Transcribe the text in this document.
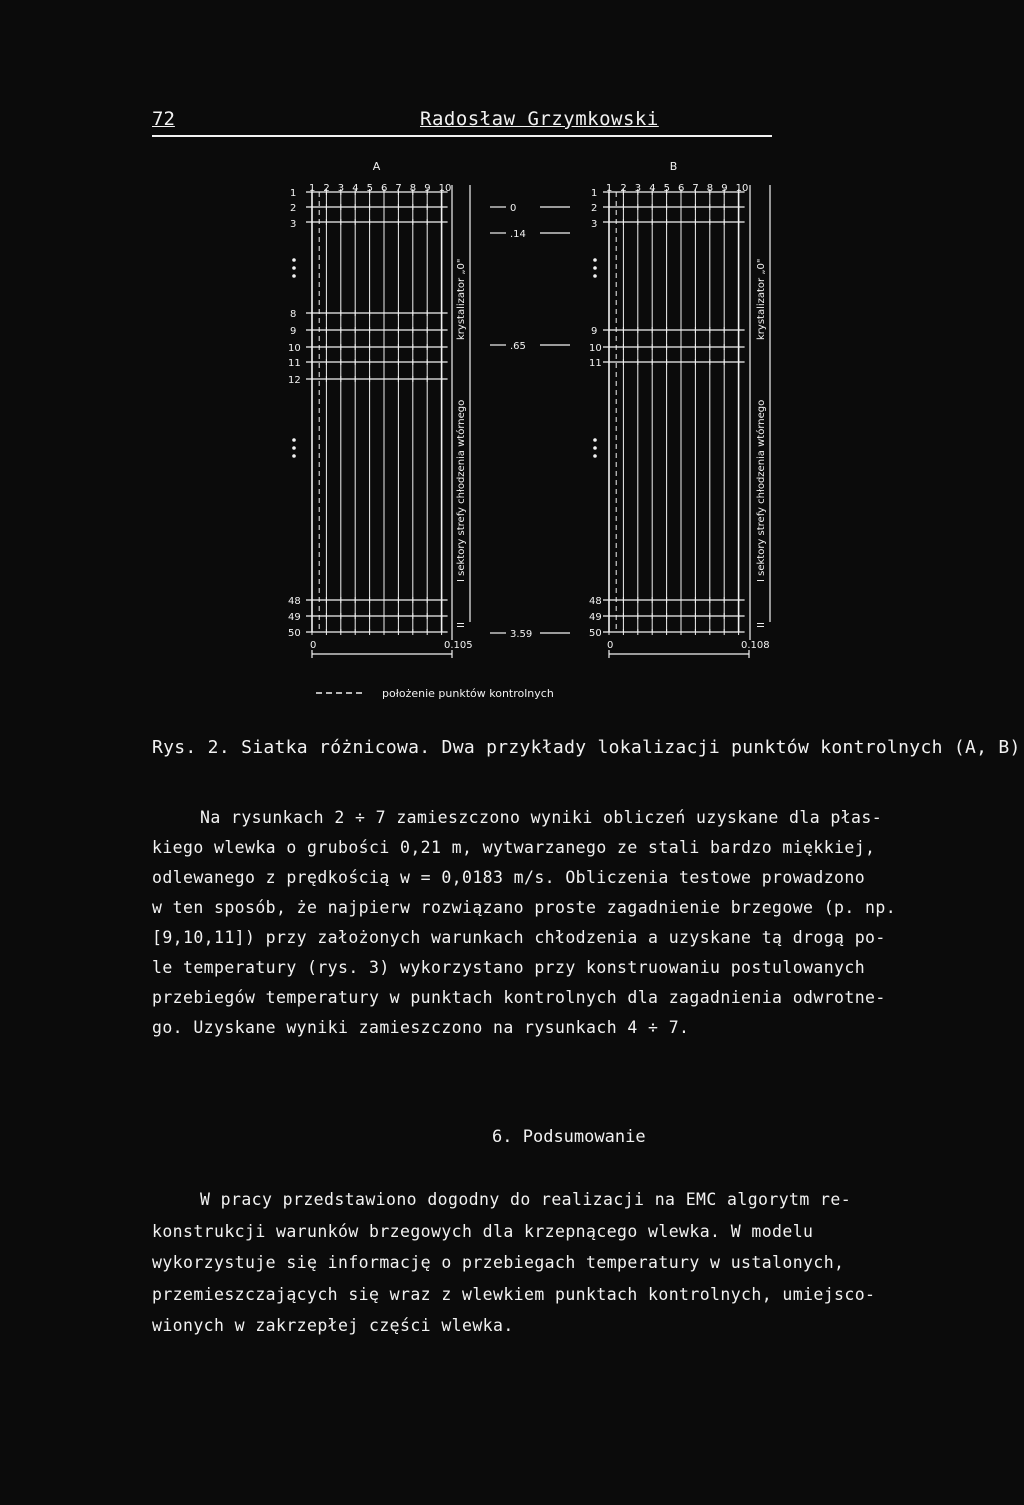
72	Radosław Grzymkowski
A
1 2 3 4 5 6 7 8 9 10
1
2
3
8
9
10
11
12
48
49
50
krystalizator „0"
I sektory strefy chłodzenia wtórnego
II
0	0.105
B
1 2 3 4 5 6 7 8 9 10
1
2
3
9
10
11
48
49
50
krystalizator „0"
I sektory strefy chłodzenia wtórnego
II
0	0.108
0
.14
.65
3.59
położenie punktów kontrolnych
Rys. 2. Siatka różnicowa. Dwa przykłady lokalizacji punktów kontrolnych (A, B)
Na rysunkach 2 ÷ 7 zamieszczono wyniki obliczeń uzyskane dla płas-
kiego wlewka o grubości 0,21 m, wytwarzanego ze stali bardzo miękkiej,
odlewanego z prędkością w = 0,0183 m/s. Obliczenia testowe prowadzono
w ten sposób, że najpierw rozwiązano proste zagadnienie brzegowe (p. np.
[9,10,11]) przy założonych warunkach chłodzenia a uzyskane tą drogą po-
le temperatury (rys. 3) wykorzystano przy konstruowaniu postulowanych
przebiegów temperatury w punktach kontrolnych dla zagadnienia odwrotne-
go. Uzyskane wyniki zamieszczono na rysunkach 4 ÷ 7.
6. Podsumowanie
W pracy przedstawiono dogodny do realizacji na EMC algorytm re-
konstrukcji warunków brzegowych dla krzepnącego wlewka. W modelu
wykorzystuje się informację o przebiegach temperatury w ustalonych,
przemieszczających się wraz z wlewkiem punktach kontrolnych, umiejsco-
wionych w zakrzepłej części wlewka.
